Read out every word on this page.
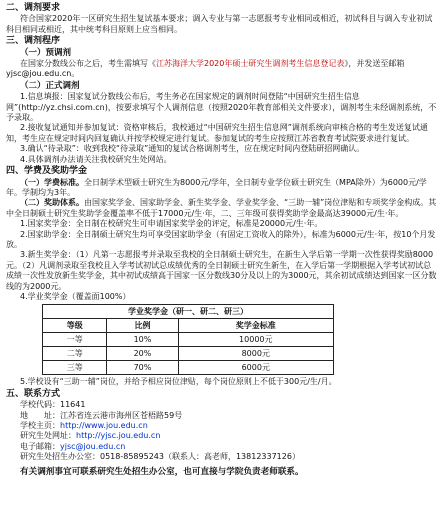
二、调剂要求

符合国家2020年一区研究生招生复试基本要求；调入专业与第一志愿报考专业相同或相近，初试科目与调入专业初试科目相同或相近，其中统考科目原则上应当相同。

三、调剂程序
（一）预调剂

在国家分数线公布之后，考生需填写《江苏海洋大学2020年硕士研究生调剂考生信息登记表》，并发送至邮箱yjsc@jou.edu.cn。

（二）正式调剂

1.信息填报：国家复试分数线公布后，考生务必在国家规定的调剂时间登陆“中国研究生招生信息网”(http://yz.chsi.com.cn)，按要求填写个人调剂信息（按照2020年教育部相关文件要求），调剂考生未经调剂系统，不予录取。

2.接收复试通知并参加复试：资格审核后，我校通过“中国研究生招生信息网”调剂系统向审核合格的考生发送复试通知，考生应在规定时间内回复确认并按学校规定进行复试。参加复试的考生应按照江苏省教育考试院要求进行复试。

3.确认“待录取”：收到我校“待录取”通知的复试合格调剂考生，应在规定时间内登陆研招网确认。

4.具体调剂办法请关注我校研究生处网站。

四、学费及奖助学金

（一）学费标准。全日制学术型硕士研究生为8000元/学年，全日制专业学位硕士研究生（MPA除外）为6000元/学年。学制均为3年。

（二）奖助体系。由国家奖学金、国家助学金、新生奖学金、学业奖学金、“三助一辅”岗位津贴和专项奖学金构成。其中全日制硕士研究生奖助学金覆盖率不低于17000元/生·年，二、三年级可获得奖助学金最高达39000元/生·年。

1.国家奖学金：全日制在校研究生可申请国家奖学金的评定，标准是20000元/生·年。

2.国家助学金：全日制硕士研究生均可享受国家助学金（有固定工资收入的除外），标准为6000元/生·年，按10个月发放。

3.新生奖学金：（1）凡第一志愿报考并录取至我校的全日制硕士研究生，在新生入学后第一学期一次性获得奖励8000元。（2）凡调剂录取至我校且入学考试初试总成绩优秀的全日制硕士研究生新生，在入学后第一学期根据入学考试初试总成绩一次性发放新生奖学金，其中初试成绩高于国家一区分数线30分及以上的为3000元，其余初试成绩达到国家一区分数线的为2000元。

4.学业奖学金（覆盖面100%）

学业奖学金（研一、研二、研三）		
等级	比例	奖学金标准
一等	10%	10000元
二等	20%	8000元
三等	70%	6000元

5.学校设有“三助一辅”岗位，并给予相应岗位津贴，每个岗位原则上不低于300元/生/月。

五、联系方式

学校代码：11641

地　　址：江苏省连云港市海州区苍梧路59号

学校主页：http://www.jou.edu.cn

研究生处网址：http://yjsc.jou.edu.cn

电子邮箱：yjsc@jou.edu.cn

研究生处招生办公室：0518-85895243（联系人：高老师，13812337126）

有关调剂事宜可联系研究生处招生办公室，也可直接与学院负责老师联系。
